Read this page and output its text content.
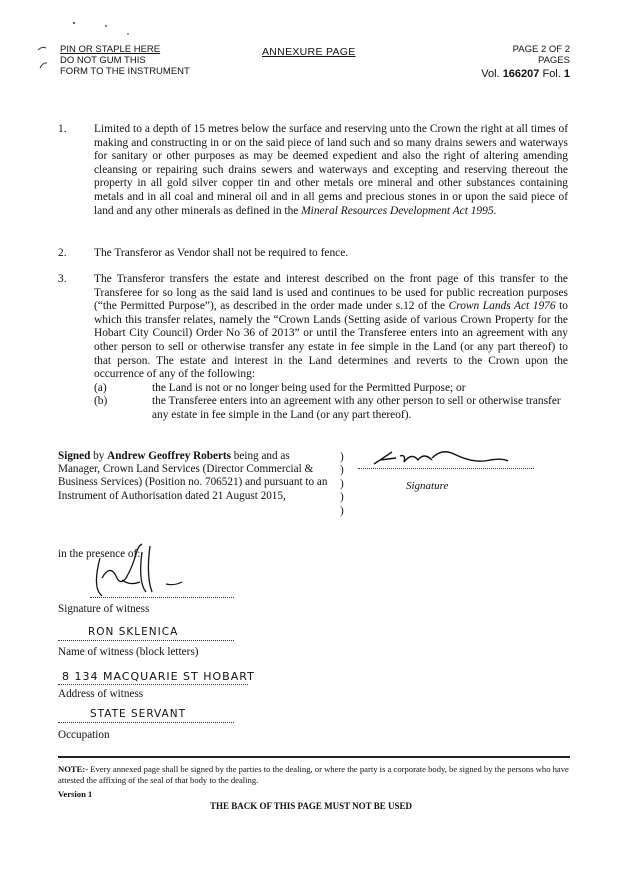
PIN OR STAPLE HERE
DO NOT GUM THIS
FORM TO THE INSTRUMENT
ANNEXURE PAGE	PAGE 2 OF 2 PAGES
Vol. 166207 Fol. 1
1. Limited to a depth of 15 metres below the surface and reserving unto the Crown the right at all times of making and constructing in or on the said piece of land such and so many drains sewers and waterways for sanitary or other purposes as may be deemed expedient and also the right of altering amending cleansing or repairing such drains sewers and waterways and excepting and reserving thereout the property in all gold silver copper tin and other metals ore mineral and other substances containing metals and in all coal and mineral oil and in all gems and precious stones in or upon the said piece of land and any other minerals as defined in the Mineral Resources Development Act 1995.
2. The Transferor as Vendor shall not be required to fence.
3. The Transferor transfers the estate and interest described on the front page of this transfer to the Transferee for so long as the said land is used and continues to be used for public recreation purposes (“the Permitted Purpose”), as described in the order made under s.12 of the Crown Lands Act 1976 to which this transfer relates, namely the “Crown Lands (Setting aside of various Crown Property for the Hobart City Council) Order No 36 of 2013” or until the Transferee enters into an agreement with any other person to sell or otherwise transfer any estate in fee simple in the Land (or any part thereof) to that person. The estate and interest in the Land determines and reverts to the Crown upon the occurrence of any of the following:
(a)	the Land is not or no longer being used for the Permitted Purpose; or
(b)	the Transferee enters into an agreement with any other person to sell or otherwise transfer any estate in fee simple in the Land (or any part thereof).
Signed by Andrew Geoffrey Roberts being and as Manager, Crown Land Services (Director Commercial & Business Services) (Position no. 706521) and pursuant to an Instrument of Authorisation dated 21 August 2015,
)
)
)
)
)
Signature
in the presence of:
Signature of witness
RON SKLENICA
Name of witness (block letters)
8 134 MACQUARIE ST HOBART
Address of witness
STATE SERVANT
Occupation
NOTE:- Every annexed page shall be signed by the parties to the dealing, or where the party is a corporate body, be signed by the persons who have attested the affixing of the seal of that body to the dealing.
Version 1
THE BACK OF THIS PAGE MUST NOT BE USED
